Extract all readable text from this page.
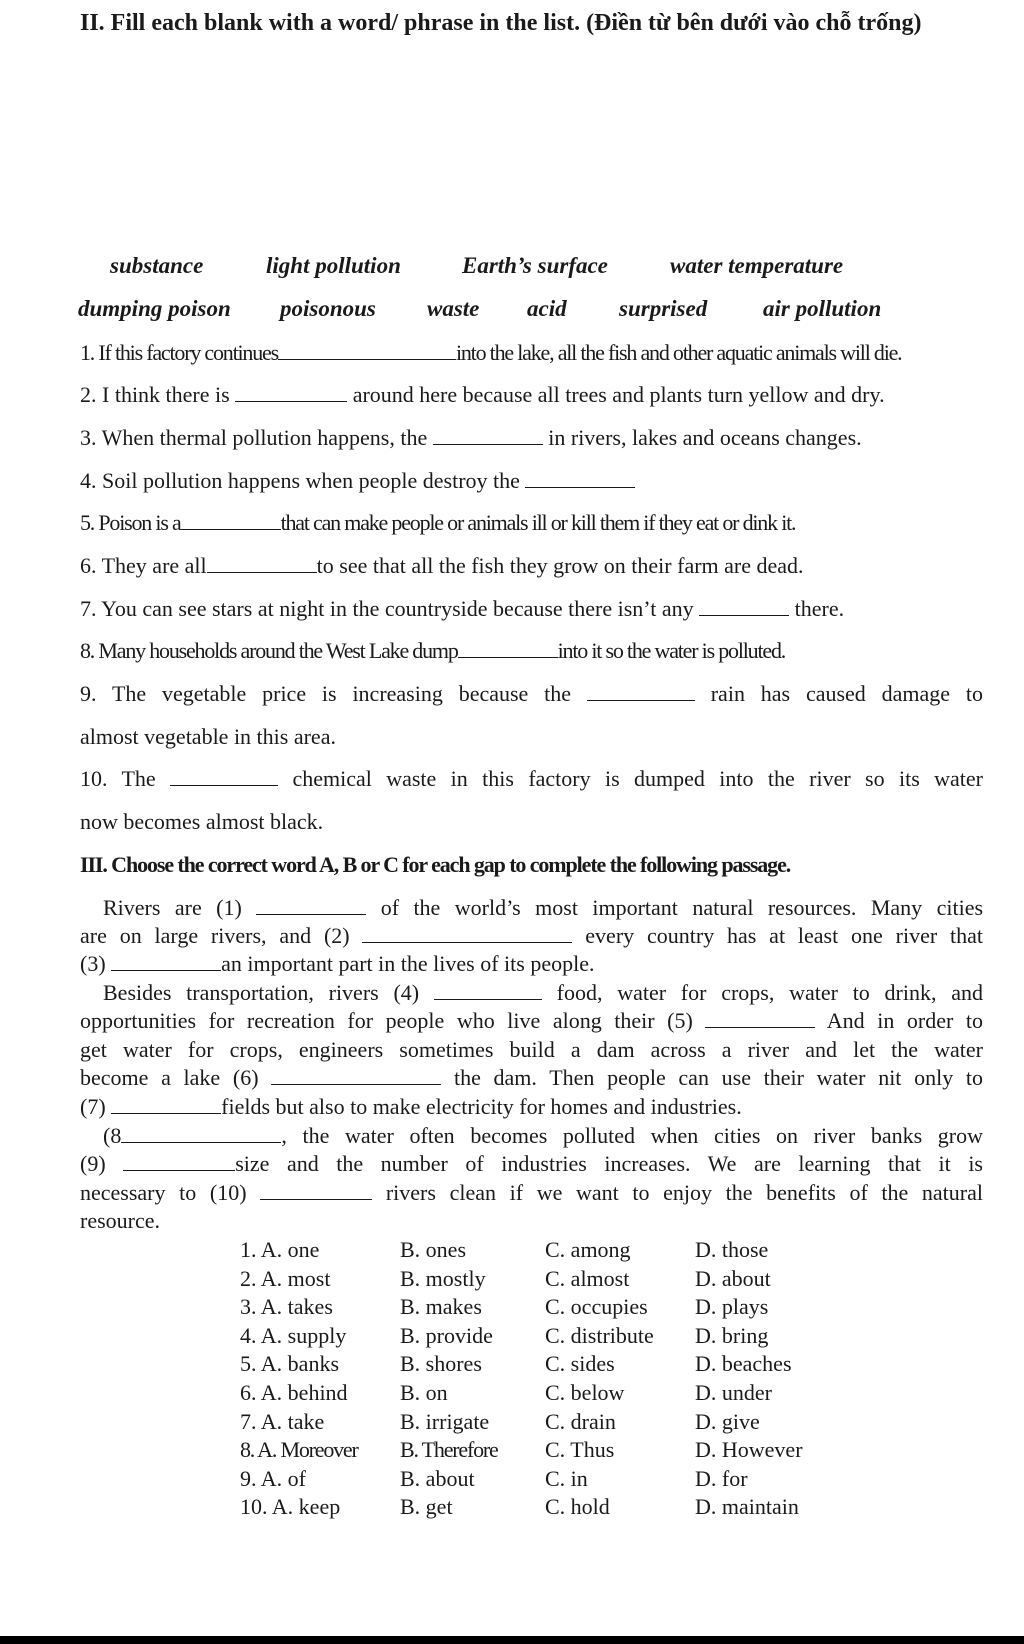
II. Fill each blank with a word/ phrase in the list. (Điền từ bên dưới vào chỗ trống)
substance	light pollution	Earth’s surface	water temperature
dumping poison poisonous waste acid surprised air pollution
1. If this factory continues	into the lake, all the fish and other aquatic animals will die.
2. I think there is	around here because all trees and plants turn yellow and dry.
3. When thermal pollution happens, the	in rivers, lakes and oceans changes.
4. Soil pollution happens when people destroy the
5. Poison is a	that can make people or animals ill or kill them if they eat or dink it.
6. They are all	to see that all the fish they grow on their farm are dead.
7. You can see stars at night in the countryside because there isn’t any	there.
8. Many households around the West Lake dump	into it so the water is polluted.
9. The vegetable price is increasing because the	rain has caused damage to
almost vegetable in this area.
10. The	chemical waste in this factory is dumped into the river so its water
now becomes almost black.
III. Choose the correct word A, B or C for each gap to complete the following passage.
Rivers are (1)	of the world’s most important natural resources. Many cities
are on large rivers, and (2)	every country has at least one river that
(3)	an important part in the lives of its people.
Besides transportation, rivers (4)	food, water for crops, water to drink, and
opportunities for recreation for people who live along their (5)	And in order to
get water for crops, engineers sometimes build a dam across a river and let the water
become a lake (6)	the dam. Then people can use their water nit only to
(7)	fields but also to make electricity for homes and industries.
(8	, the water often becomes polluted when cities on river banks grow
(9)	size and the number of industries increases. We are learning that it is
necessary to (10)	rivers clean if we want to enjoy the benefits of the natural
resource.
1. A. one	B. ones	C. among	D. those
2. A. most	B. mostly	C. almost	D. about
3. A. takes	B. makes	C. occupies D. plays
4. A. supply B. provide C. distribute D. bring
5. A. banks	B. shores	C. sides	D. beaches
6. A. behind B. on	C. below	D. under
7. A. take	B. irrigate	C. drain	D. give
8. A. Moreover B. Therefore C. Thus	D. However
9. A. of	B. about	C. in	D. for
10. A. keep	B. get	C. hold	D. maintain
